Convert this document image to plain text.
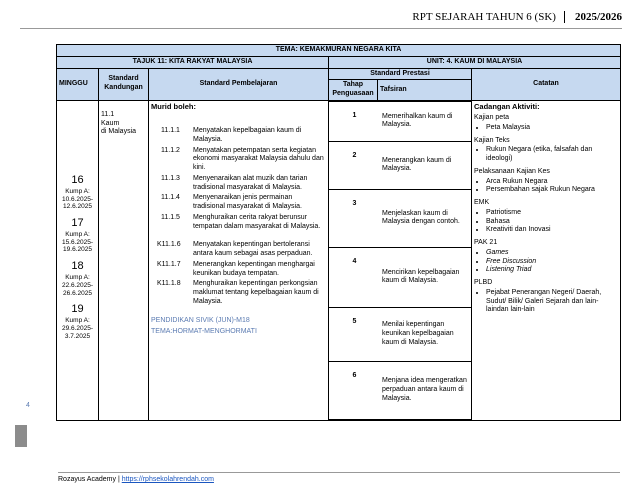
RPT SEJARAH TAHUN 6 (SK)	2025/2026
4
TEMA: KEMAKMURAN NEGARA KITA
TAJUK 11: KITA RAKYAT MALAYSIA	UNIT: 4. KAUM DI MALAYSIA
MINGGU	Standard Kandungan	Standard Pembelajaran	Standard Prestasi	Catatan
Tahap Penguasaan	Tafsiran

16
Kump A:
10.6.2025-
12.6.2025
17
Kump A:
15.6.2025-
19.6.2025
18
Kump A:
22.6.2025-
26.6.2025
19
Kump A:
29.6.2025-
3.7.2025
	11.1
Kaum
di Malaysia	
Murid boleh:
11.1.1	Menyatakan kepelbagaian kaum di Malaysia.
11.1.2	Menyatakan petempatan serta kegiatan ekonomi masyarakat Malaysia dahulu dan kini.
11.1.3	Menyenaraikan alat muzik dan tarian tradisional masyarakat di Malaysia.
11.1.4	Menyenaraikan jenis permainan tradisional masyarakat di Malaysia.
11.1.5	Menghuraikan cerita rakyat berunsur tempatan dalam masyarakat di Malaysia.
K11.1.6	Menyatakan kepentingan bertoleransi antara kaum sebagai asas perpaduan.
K11.1.7	Menerangkan kepentingan menghargai keunikan budaya tempatan.
K11.1.8	Menghuraikan kepentingan perkongsian maklumat tentang kepelbagaian kaum di Malaysia.
PENDIDIKAN SIVIK (JUN)-M18
TEMA:HORMAT-MENGHORMATI

1	Memerihalkan kaum di Malaysia.
2	Menerangkan kaum di Malaysia.
3	Menjelaskan kaum di Malaysia dengan contoh.
4	Mencirikan kepelbagaian kaum di Malaysia.
5	Menilai kepentingan keunikan kepelbagaian kaum di Malaysia.
6	Menjana idea mengeratkan perpaduan antara kaum di Malaysia.

Cadangan Aktiviti:
Kajian peta
• Peta Malaysia
Kajian Teks
• Rukun Negara (etika, falsafah dan ideologi)
Pelaksanaan Kajian Kes
• Arca Rukun Negara
• Persembahan sajak Rukun Negara
EMK
• Patriotisme
• Bahasa
• Kreativiti dan Inovasi
PAK 21
• Games
• Free Discussion
• Listening Triad
PLBD
• Pejabat Penerangan Negeri/ Daerah, Sudut/ Bilik/ Galeri Sejarah dan lain-laindan lain-lain
Rozayus Academy | https://rphsekolahrendah.com
